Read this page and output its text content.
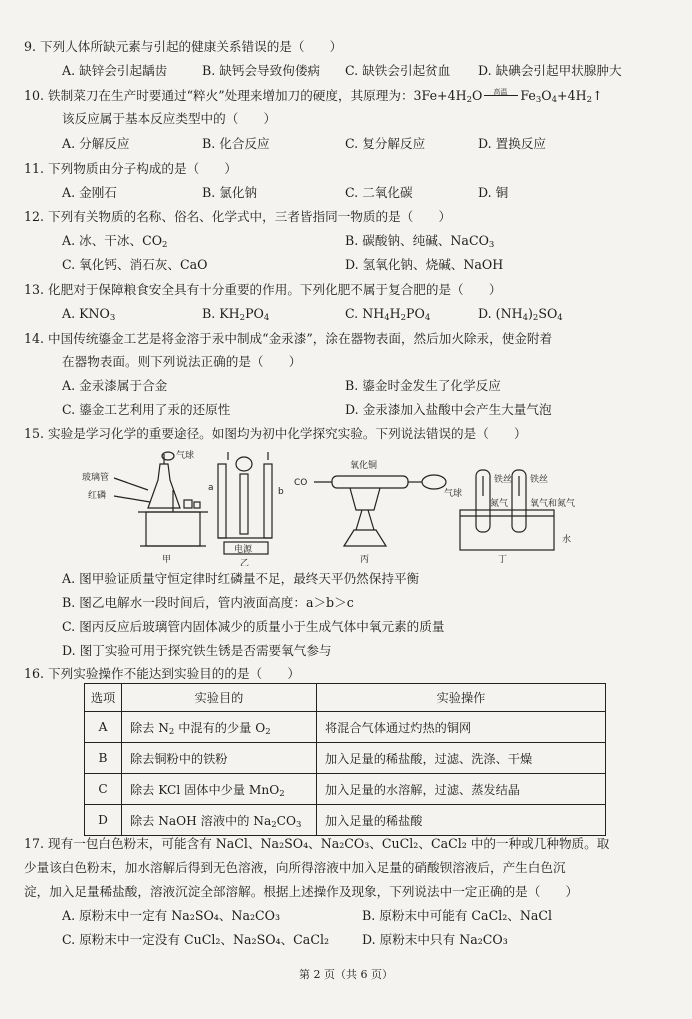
9. 下列人体所缺元素与引起的健康关系错误的是（　　）
A. 缺锌会引起龋齿	B. 缺钙会导致佝偻病 C. 缺铁会引起贫血 D. 缺碘会引起甲状腺肿大
10. 铁制菜刀在生产时要通过“粹火”处理来增加刀的硬度，其原理为：$3Fe+4H_2O$ 高温 $Fe_3O_4+4H_2↑$
该反应属于基本反应类型中的（　　）
A. 分解反应	B. 化合反应	C. 复分解反应	D. 置换反应
11. 下列物质由分子构成的是（　　）
A. 金刚石	B. 氯化钠	C. 二氧化碳	D. 铜
12. 下列有关物质的名称、俗名、化学式中，三者皆指同一物质的是（　　）
A. 冰、干冰、$CO_2$	B. 碳酸钠、纯碱、NaCO$_3$
C. 氧化钙、消石灰、CaO	D. 氢氧化钠、烧碱、NaOH
13. 化肥对于保障粮食安全具有十分重要的作用。下列化肥不属于复合肥的是（　　）
A. $KNO_3$	B. $KH_2PO_4$	C. $NH_4H_2PO_4$	D. $(NH_4)_2SO_4$
14. 中国传统鎏金工艺是将金溶于汞中制成“金汞漆”，涂在器物表面，然后加火除汞，使金附着
在器物表面。则下列说法正确的是（　　）
A. 金汞漆属于合金	B. 鎏金时金发生了化学反应
C. 鎏金工艺利用了汞的还原性	D. 金汞漆加入盐酸中会产生大量气泡
15. 实验是学习化学的重要途径。如图均为初中化学探究实验。下列说法错误的是（　　）
玻璃管
红磷
气球
甲
a	b
电源
乙
CO
氧化铜
气球
丙
铁丝 铁丝
氮气 氧气和氮气
水
丁
A. 图甲验证质量守恒定律时红磷量不足，最终天平仍然保持平衡
B. 图乙电解水一段时间后，管内液面高度：a＞b＞c
C. 图丙反应后玻璃管内固体减少的质量小于生成气体中氧元素的质量
D. 图丁实验可用于探究铁生锈是否需要氧气参与
16. 下列实验操作不能达到实验目的的是（　　）
选项	实验目的	实验操作
A	除去 $N_2$ 中混有的少量 $O_2$	将混合气体通过灼热的铜网
B	除去铜粉中的铁粉	加入足量的稀盐酸，过滤、洗涤、干燥
C	除去 KCl 固体中少量 MnO$_2$	加入足量的水溶解，过滤、蒸发结晶
D	除去 NaOH 溶液中的 $Na_2CO_3$	加入足量的稀盐酸
17. 现有一包白色粉末，可能含有 NaCl、Na₂SO₄、Na₂CO₃、CuCl₂、CaCl₂ 中的一种或几种物质。取
少量该白色粉末，加水溶解后得到无色溶液，向所得溶液中加入足量的硝酸钡溶液后，产生白色沉
淀，加入足量稀盐酸，溶液沉淀全部溶解。根据上述操作及现象，下列说法中一定正确的是（　　）
A. 原粉末中一定有 Na₂SO₄、Na₂CO₃	B. 原粉末中可能有 CaCl₂、NaCl
C. 原粉末中一定没有 CuCl₂、Na₂SO₄、CaCl₂	D. 原粉末中只有 Na₂CO₃
第 2 页（共 6 页）
